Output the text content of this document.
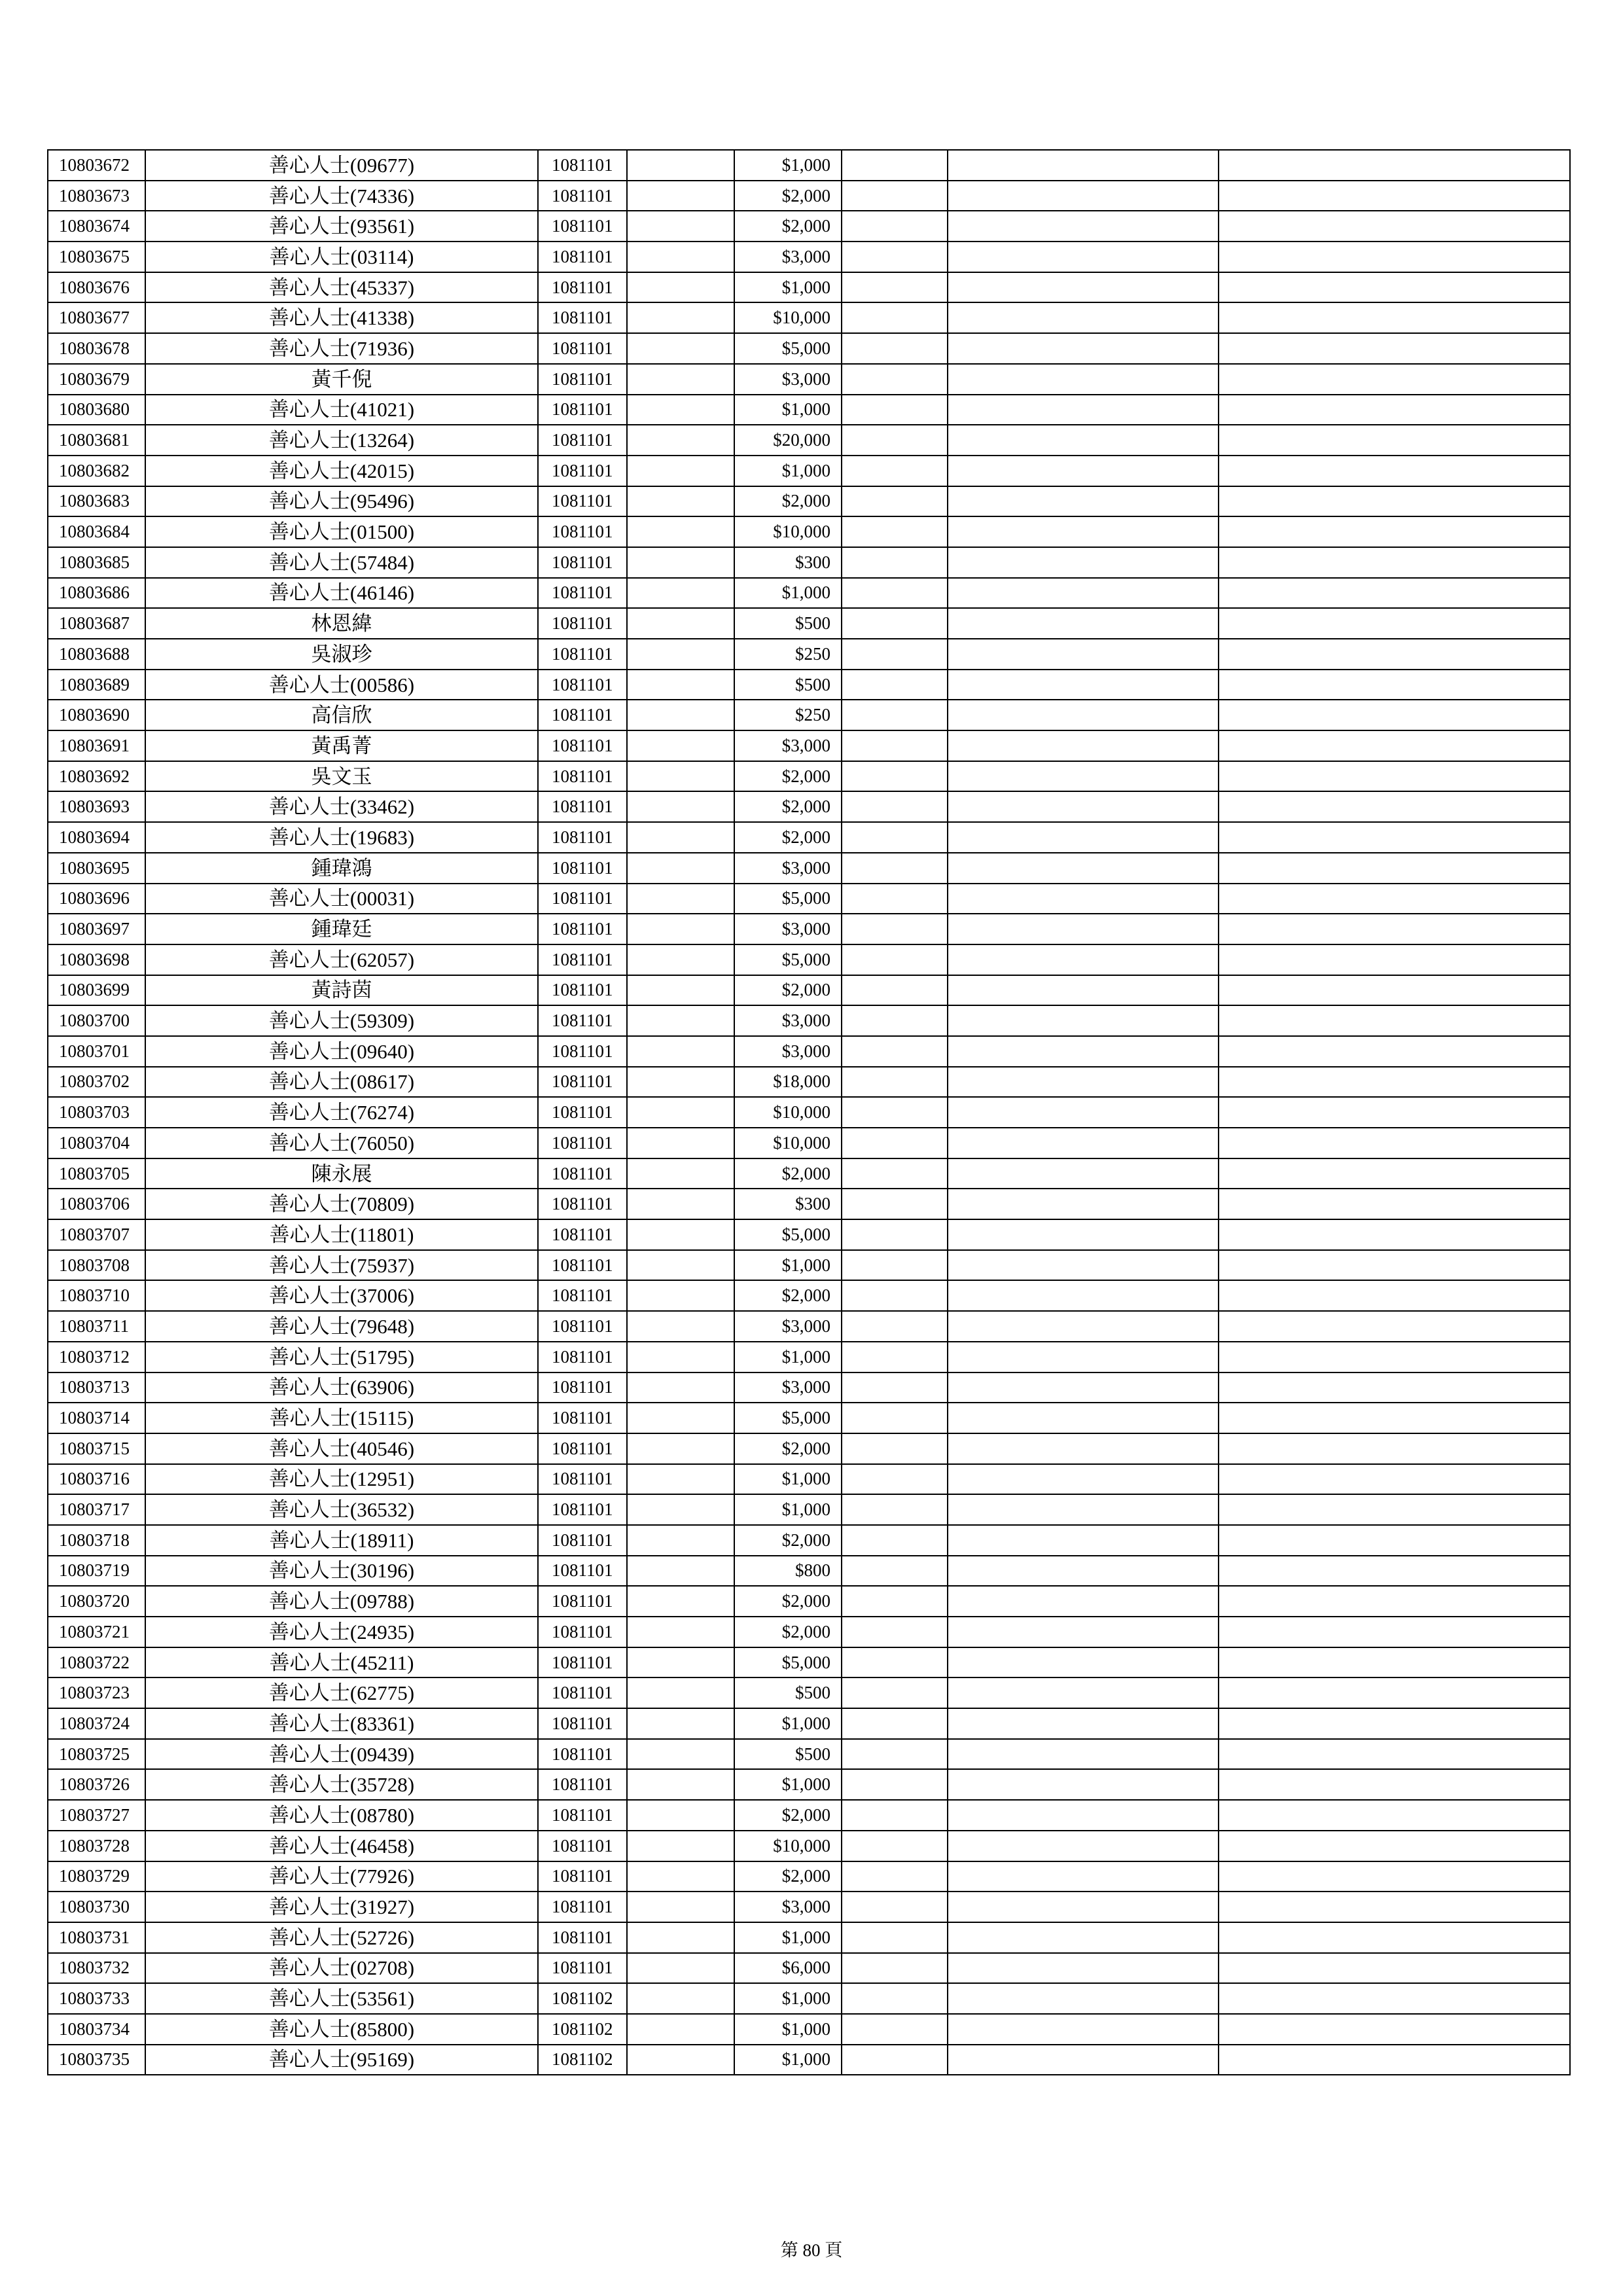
10803672	善心人士(09677)	1081101		$1,000			
10803673	善心人士(74336)	1081101		$2,000			
10803674	善心人士(93561)	1081101		$2,000			
10803675	善心人士(03114)	1081101		$3,000			
10803676	善心人士(45337)	1081101		$1,000			
10803677	善心人士(41338)	1081101		$10,000			
10803678	善心人士(71936)	1081101		$5,000			
10803679	黃千倪	1081101		$3,000			
10803680	善心人士(41021)	1081101		$1,000			
10803681	善心人士(13264)	1081101		$20,000			
10803682	善心人士(42015)	1081101		$1,000			
10803683	善心人士(95496)	1081101		$2,000			
10803684	善心人士(01500)	1081101		$10,000			
10803685	善心人士(57484)	1081101		$300			
10803686	善心人士(46146)	1081101		$1,000			
10803687	林恩緯	1081101		$500			
10803688	吳淑珍	1081101		$250			
10803689	善心人士(00586)	1081101		$500			
10803690	高信欣	1081101		$250			
10803691	黃禹菁	1081101		$3,000			
10803692	吳文玉	1081101		$2,000			
10803693	善心人士(33462)	1081101		$2,000			
10803694	善心人士(19683)	1081101		$2,000			
10803695	鍾瑋鴻	1081101		$3,000			
10803696	善心人士(00031)	1081101		$5,000			
10803697	鍾瑋廷	1081101		$3,000			
10803698	善心人士(62057)	1081101		$5,000			
10803699	黃詩茵	1081101		$2,000			
10803700	善心人士(59309)	1081101		$3,000			
10803701	善心人士(09640)	1081101		$3,000			
10803702	善心人士(08617)	1081101		$18,000			
10803703	善心人士(76274)	1081101		$10,000			
10803704	善心人士(76050)	1081101		$10,000			
10803705	陳永展	1081101		$2,000			
10803706	善心人士(70809)	1081101		$300			
10803707	善心人士(11801)	1081101		$5,000			
10803708	善心人士(75937)	1081101		$1,000			
10803710	善心人士(37006)	1081101		$2,000			
10803711	善心人士(79648)	1081101		$3,000			
10803712	善心人士(51795)	1081101		$1,000			
10803713	善心人士(63906)	1081101		$3,000			
10803714	善心人士(15115)	1081101		$5,000			
10803715	善心人士(40546)	1081101		$2,000			
10803716	善心人士(12951)	1081101		$1,000			
10803717	善心人士(36532)	1081101		$1,000			
10803718	善心人士(18911)	1081101		$2,000			
10803719	善心人士(30196)	1081101		$800			
10803720	善心人士(09788)	1081101		$2,000			
10803721	善心人士(24935)	1081101		$2,000			
10803722	善心人士(45211)	1081101		$5,000			
10803723	善心人士(62775)	1081101		$500			
10803724	善心人士(83361)	1081101		$1,000			
10803725	善心人士(09439)	1081101		$500			
10803726	善心人士(35728)	1081101		$1,000			
10803727	善心人士(08780)	1081101		$2,000			
10803728	善心人士(46458)	1081101		$10,000			
10803729	善心人士(77926)	1081101		$2,000			
10803730	善心人士(31927)	1081101		$3,000			
10803731	善心人士(52726)	1081101		$1,000			
10803732	善心人士(02708)	1081101		$6,000			
10803733	善心人士(53561)	1081102		$1,000			
10803734	善心人士(85800)	1081102		$1,000			
10803735	善心人士(95169)	1081102		$1,000			
第 80 頁
